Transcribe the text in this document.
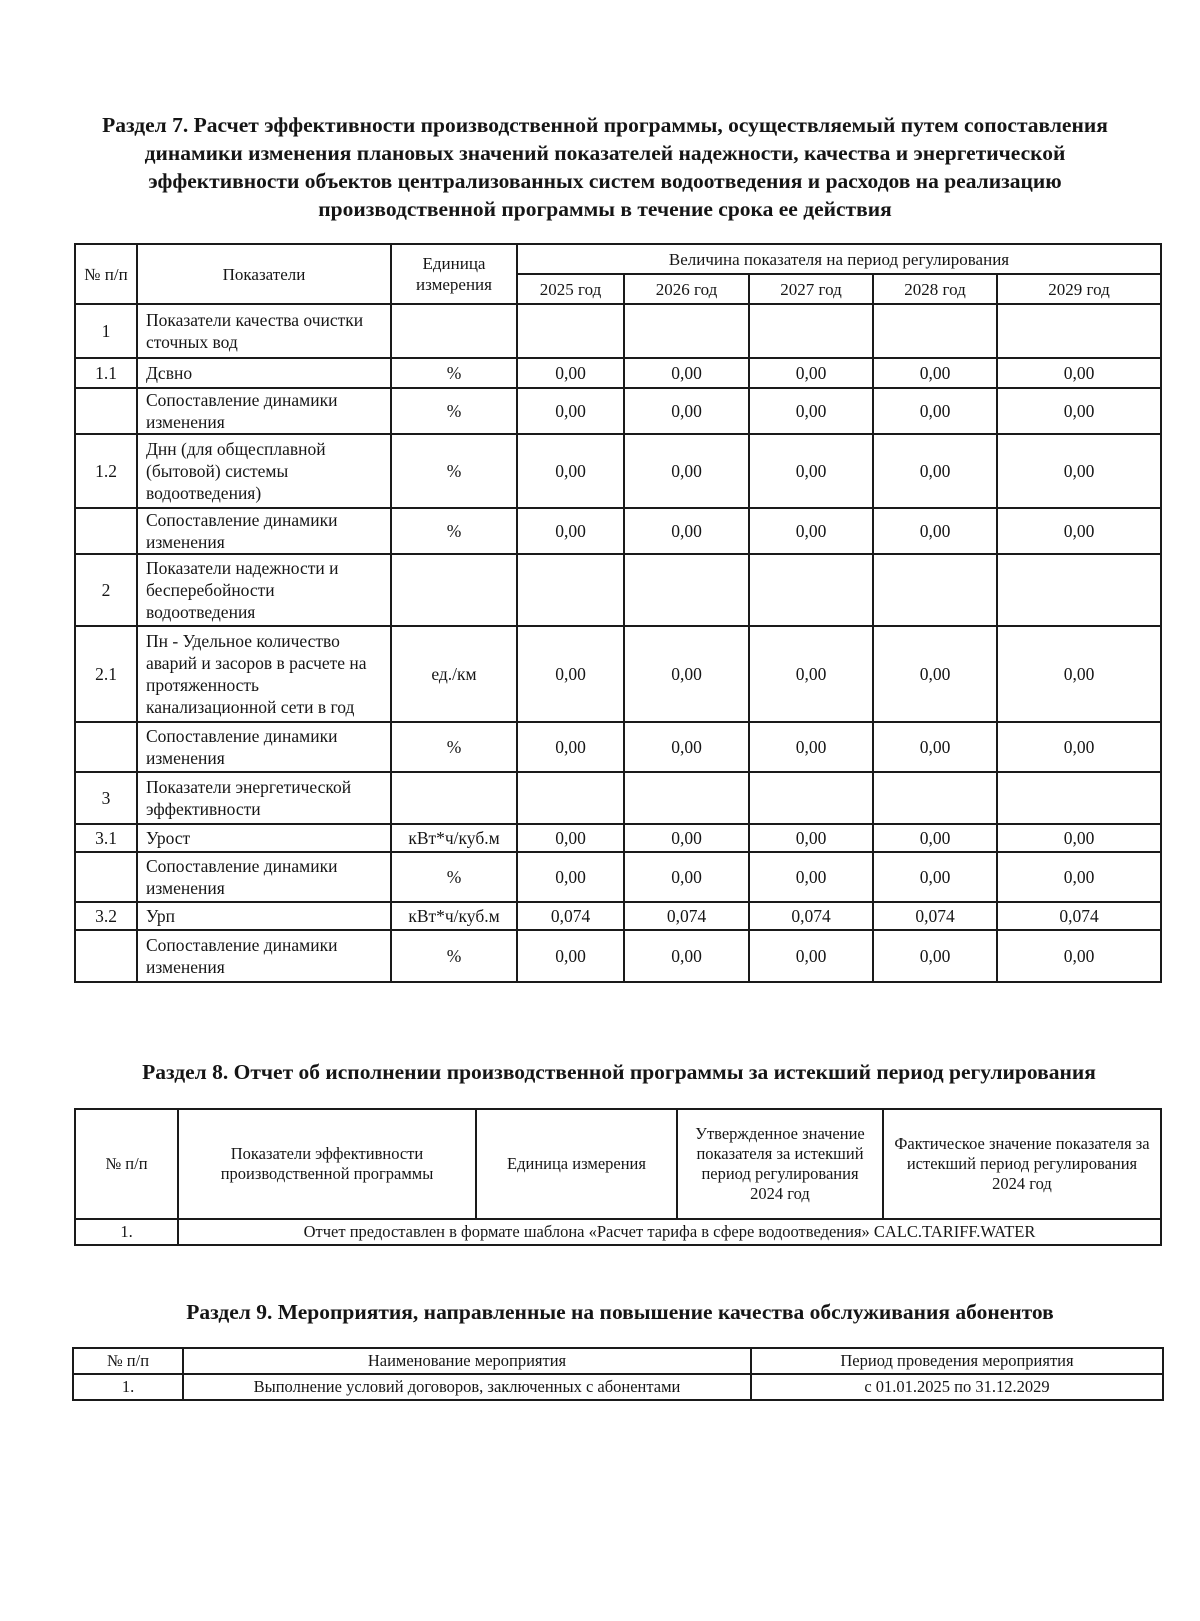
Раздел 7. Расчет эффективности производственной программы, осуществляемый путем сопоставления динамики изменения плановых значений показателей надежности, качества и энергетической эффективности объектов централизованных систем водоотведения и расходов на реализацию производственной программы в течение срока ее действия
№ п/п	Показатели	Единица измерения	Величина показателя на период регулирования				
			2025 год	2026 год	2027 год	2028 год	2029 год
1	Показатели качества очистки сточных вод						
1.1	Дсвно	%	0,00	0,00	0,00	0,00	0,00
	Сопоставление динамики изменения	%	0,00	0,00	0,00	0,00	0,00
1.2	Днн (для общесплавной (бытовой) системы водоотведения)	%	0,00	0,00	0,00	0,00	0,00
	Сопоставление динамики изменения	%	0,00	0,00	0,00	0,00	0,00
2	Показатели надежности и бесперебойности водоотведения						
2.1	Пн - Удельное количество аварий и засоров в расчете на протяженность канализационной сети в год	ед./км	0,00	0,00	0,00	0,00	0,00
	Сопоставление динамики изменения	%	0,00	0,00	0,00	0,00	0,00
3	Показатели энергетической эффективности						
3.1	Урост	кВт*ч/куб.м	0,00	0,00	0,00	0,00	0,00
	Сопоставление динамики изменения	%	0,00	0,00	0,00	0,00	0,00
3.2	Урп	кВт*ч/куб.м	0,074	0,074	0,074	0,074	0,074
	Сопоставление динамики изменения	%	0,00	0,00	0,00	0,00	0,00
Раздел 8. Отчет об исполнении производственной программы за истекший период регулирования
№ п/п	Показатели эффективности производственной программы	Единица измерения	Утвержденное значение показателя за истекший период регулирования 2024 год	Фактическое значение показателя за истекший период регулирования 2024 год
1.	Отчет предоставлен в формате шаблона «Расчет тарифа в сфере водоотведения» CALC.TARIFF.WATER			
Раздел 9. Мероприятия, направленные на повышение качества обслуживания абонентов
№ п/п	Наименование мероприятия	Период проведения мероприятия
1.	Выполнение условий договоров, заключенных с абонентами	с 01.01.2025 по 31.12.2029
